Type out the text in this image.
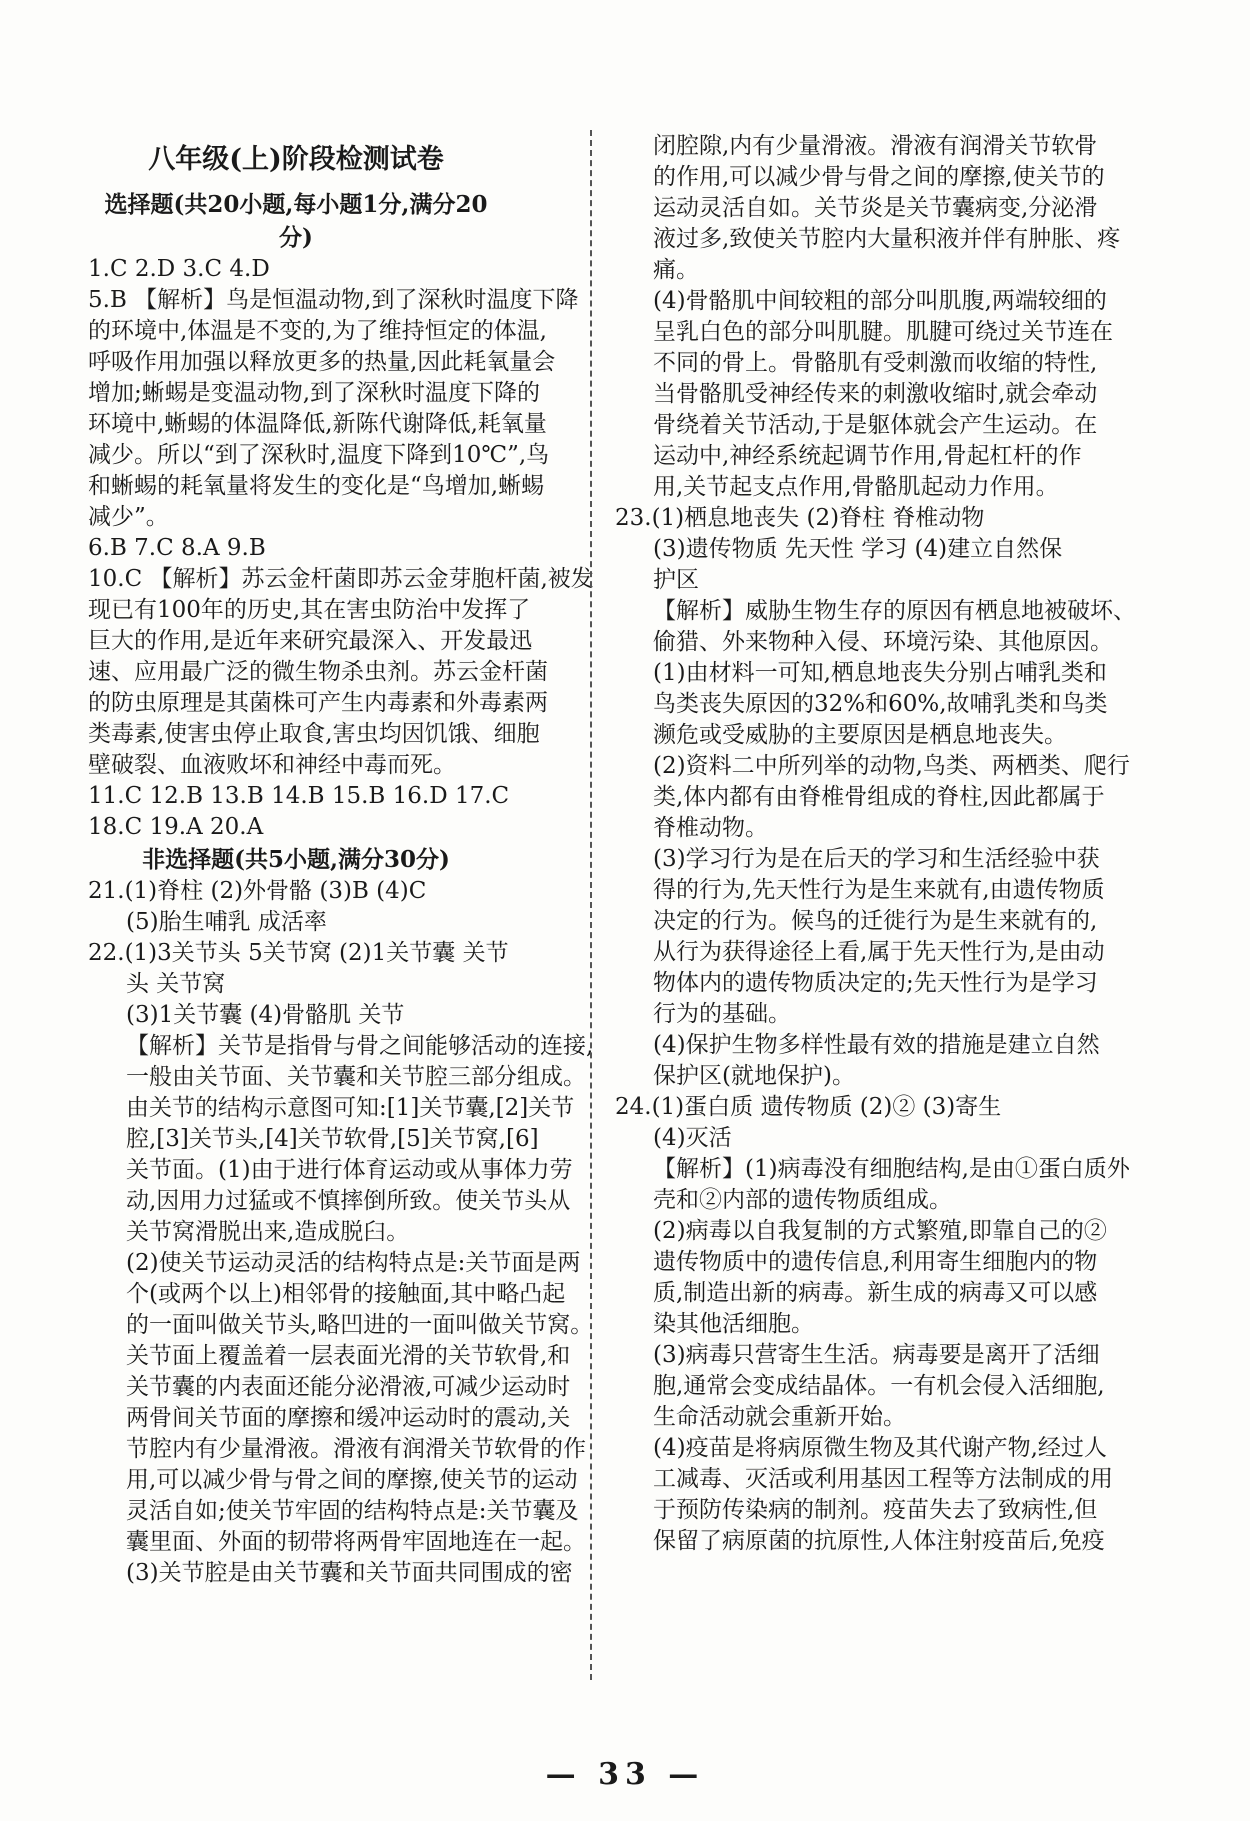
八年级(上)阶段检测试卷
选择题(共20小题,每小题1分,满分20分)
1.C 2.D 3.C 4.D
5.B 【解析】鸟是恒温动物,到了深秋时温度下降
的环境中,体温是不变的,为了维持恒定的体温,
呼吸作用加强以释放更多的热量,因此耗氧量会
增加;蜥蜴是变温动物,到了深秋时温度下降的
环境中,蜥蜴的体温降低,新陈代谢降低,耗氧量
减少。所以“到了深秋时,温度下降到10℃”,鸟
和蜥蜴的耗氧量将发生的变化是“鸟增加,蜥蜴
减少”。
6.B 7.C 8.A 9.B
10.C 【解析】苏云金杆菌即苏云金芽胞杆菌,被发
现已有100年的历史,其在害虫防治中发挥了
巨大的作用,是近年来研究最深入、开发最迅
速、应用最广泛的微生物杀虫剂。苏云金杆菌
的防虫原理是其菌株可产生内毒素和外毒素两
类毒素,使害虫停止取食,害虫均因饥饿、细胞
壁破裂、血液败坏和神经中毒而死。
11.C 12.B 13.B 14.B 15.B 16.D 17.C
18.C 19.A 20.A
非选择题(共5小题,满分30分)
21.(1)脊柱 (2)外骨骼 (3)B (4)C
(5)胎生哺乳 成活率
22.(1)3关节头 5关节窝 (2)1关节囊 关节
头 关节窝
(3)1关节囊 (4)骨骼肌 关节
【解析】关节是指骨与骨之间能够活动的连接,
一般由关节面、关节囊和关节腔三部分组成。
由关节的结构示意图可知:[1]关节囊,[2]关节
腔,[3]关节头,[4]关节软骨,[5]关节窝,[6]
关节面。(1)由于进行体育运动或从事体力劳
动,因用力过猛或不慎摔倒所致。使关节头从
关节窝滑脱出来,造成脱臼。
(2)使关节运动灵活的结构特点是:关节面是两
个(或两个以上)相邻骨的接触面,其中略凸起
的一面叫做关节头,略凹进的一面叫做关节窝。
关节面上覆盖着一层表面光滑的关节软骨,和
关节囊的内表面还能分泌滑液,可减少运动时
两骨间关节面的摩擦和缓冲运动时的震动,关
节腔内有少量滑液。滑液有润滑关节软骨的作
用,可以减少骨与骨之间的摩擦,使关节的运动
灵活自如;使关节牢固的结构特点是:关节囊及
囊里面、外面的韧带将两骨牢固地连在一起。
(3)关节腔是由关节囊和关节面共同围成的密
闭腔隙,内有少量滑液。滑液有润滑关节软骨
的作用,可以减少骨与骨之间的摩擦,使关节的
运动灵活自如。关节炎是关节囊病变,分泌滑
液过多,致使关节腔内大量积液并伴有肿胀、疼
痛。
(4)骨骼肌中间较粗的部分叫肌腹,两端较细的
呈乳白色的部分叫肌腱。肌腱可绕过关节连在
不同的骨上。骨骼肌有受刺激而收缩的特性,
当骨骼肌受神经传来的刺激收缩时,就会牵动
骨绕着关节活动,于是躯体就会产生运动。在
运动中,神经系统起调节作用,骨起杠杆的作
用,关节起支点作用,骨骼肌起动力作用。
23.(1)栖息地丧失 (2)脊柱 脊椎动物
(3)遗传物质 先天性 学习 (4)建立自然保
护区
【解析】威胁生物生存的原因有栖息地被破坏、
偷猎、外来物种入侵、环境污染、其他原因。
(1)由材料一可知,栖息地丧失分别占哺乳类和
鸟类丧失原因的32%和60%,故哺乳类和鸟类
濒危或受威胁的主要原因是栖息地丧失。
(2)资料二中所列举的动物,鸟类、两栖类、爬行
类,体内都有由脊椎骨组成的脊柱,因此都属于
脊椎动物。
(3)学习行为是在后天的学习和生活经验中获
得的行为,先天性行为是生来就有,由遗传物质
决定的行为。候鸟的迁徙行为是生来就有的,
从行为获得途径上看,属于先天性行为,是由动
物体内的遗传物质决定的;先天性行为是学习
行为的基础。
(4)保护生物多样性最有效的措施是建立自然
保护区(就地保护)。
24.(1)蛋白质 遗传物质 (2)② (3)寄生
(4)灭活
【解析】(1)病毒没有细胞结构,是由①蛋白质外
壳和②内部的遗传物质组成。
(2)病毒以自我复制的方式繁殖,即靠自己的②
遗传物质中的遗传信息,利用寄生细胞内的物
质,制造出新的病毒。新生成的病毒又可以感
染其他活细胞。
(3)病毒只营寄生生活。病毒要是离开了活细
胞,通常会变成结晶体。一有机会侵入活细胞,
生命活动就会重新开始。
(4)疫苗是将病原微生物及其代谢产物,经过人
工减毒、灭活或利用基因工程等方法制成的用
于预防传染病的制剂。疫苗失去了致病性,但
保留了病原菌的抗原性,人体注射疫苗后,免疫
— 33 —
